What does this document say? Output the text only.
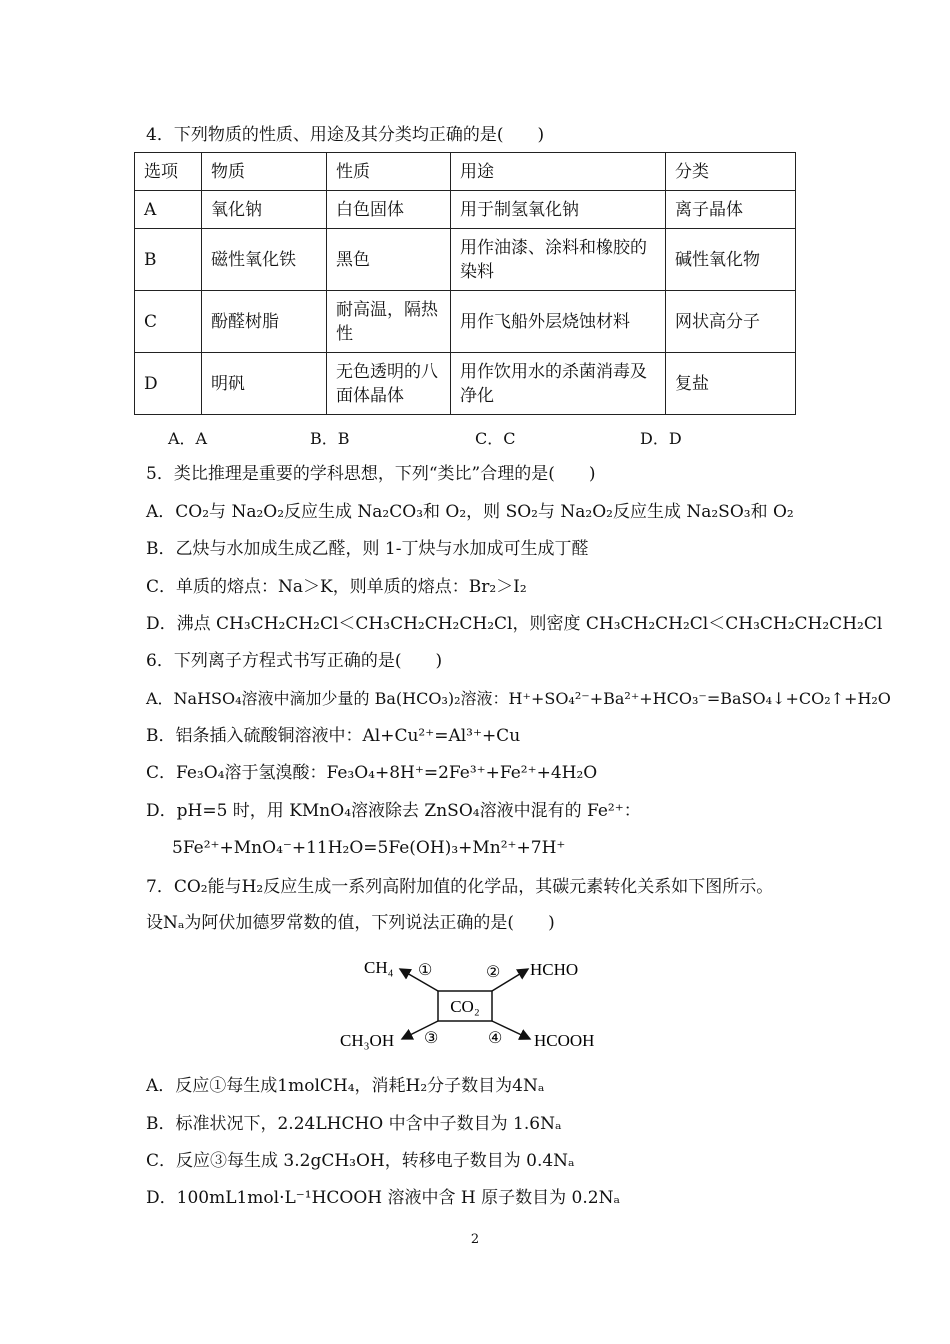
4．下列物质的性质、用途及其分类均正确的是(　　)
选项	物质	性质	用途	分类
A	氧化钠	白色固体	用于制氢氧化钠	离子晶体
B	磁性氧化铁	黑色	用作油漆、涂料和橡胶的染料	碱性氧化物
C	酚醛树脂	耐高温，隔热性	用作飞船外层烧蚀材料	网状高分子
D	明矾	无色透明的八面体晶体	用作饮用水的杀菌消毒及净化	复盐
A．A	B．B	C．C	D．D
5．类比推理是重要的学科思想，下列“类比”合理的是(　　)
A．CO₂与 Na₂O₂反应生成 Na₂CO₃和 O₂，则 SO₂与 Na₂O₂反应生成 Na₂SO₃和 O₂
B．乙炔与水加成生成乙醛，则 1-丁炔与水加成可生成丁醛
C．单质的熔点：Na＞K，则单质的熔点：Br₂＞I₂
D．沸点 CH₃CH₂CH₂Cl＜CH₃CH₂CH₂CH₂Cl，则密度 CH₃CH₂CH₂Cl＜CH₃CH₂CH₂CH₂Cl
6．下列离子方程式书写正确的是(　　)
A．NaHSO₄溶液中滴加少量的 Ba(HCO₃)₂溶液：H⁺+SO₄²⁻+Ba²⁺+HCO₃⁻=BaSO₄↓+CO₂↑+H₂O
B．铝条插入硫酸铜溶液中：Al+Cu²⁺=Al³⁺+Cu
C．Fe₃O₄溶于氢溴酸：Fe₃O₄+8H⁺=2Fe³⁺+Fe²⁺+4H₂O
D．pH=5 时，用 KMnO₄溶液除去 ZnSO₄溶液中混有的 Fe²⁺：
5Fe²⁺+MnO₄⁻+11H₂O=5Fe(OH)₃+Mn²⁺+7H⁺
7．CO₂能与H₂反应生成一系列高附加值的化学品，其碳元素转化关系如下图所示。
设Nₐ为阿伏加德罗常数的值，下列说法正确的是(　　)
CO₂
CH₄	HCHO
CH₃OH	HCOOH
①	②
③	④
A．反应①每生成1molCH₄，消耗H₂分子数目为4Nₐ
B．标准状况下，2.24LHCHO 中含中子数目为 1.6Nₐ
C．反应③每生成 3.2gCH₃OH，转移电子数目为 0.4Nₐ
D．100mL1mol·L⁻¹HCOOH 溶液中含 H 原子数目为 0.2Nₐ
2
